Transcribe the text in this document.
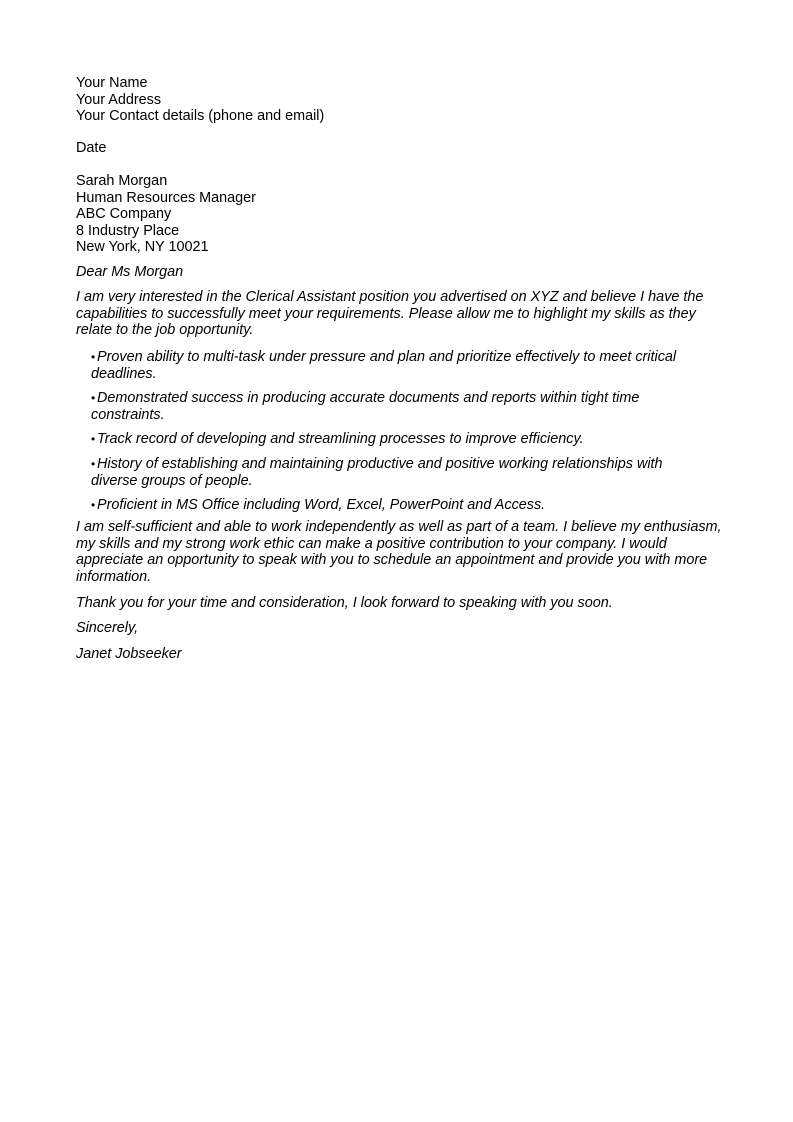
Your Name
Your Address
Your Contact details (phone and email)
Date
Sarah Morgan
Human Resources Manager
ABC Company
8 Industry Place
New York, NY 10021
Dear Ms Morgan
I am very interested in the Clerical Assistant position you advertised on XYZ and believe I have the capabilities to successfully meet your requirements. Please allow me to highlight my skills as they relate to the job opportunity.
• Proven ability to multi-task under pressure and plan and prioritize effectively to meet critical deadlines.
• Demonstrated success in producing accurate documents and reports within tight time constraints.
• Track record of developing and streamlining processes to improve efficiency.
• History of establishing and maintaining productive and positive working relationships with diverse groups of people.
• Proficient in MS Office including Word, Excel, PowerPoint and Access.
I am self-sufficient and able to work independently as well as part of a team. I believe my enthusiasm, my skills and my strong work ethic can make a positive contribution to your company. I would appreciate an opportunity to speak with you to schedule an appointment and provide you with more information.
Thank you for your time and consideration, I look forward to speaking with you soon.
Sincerely,
Janet Jobseeker
